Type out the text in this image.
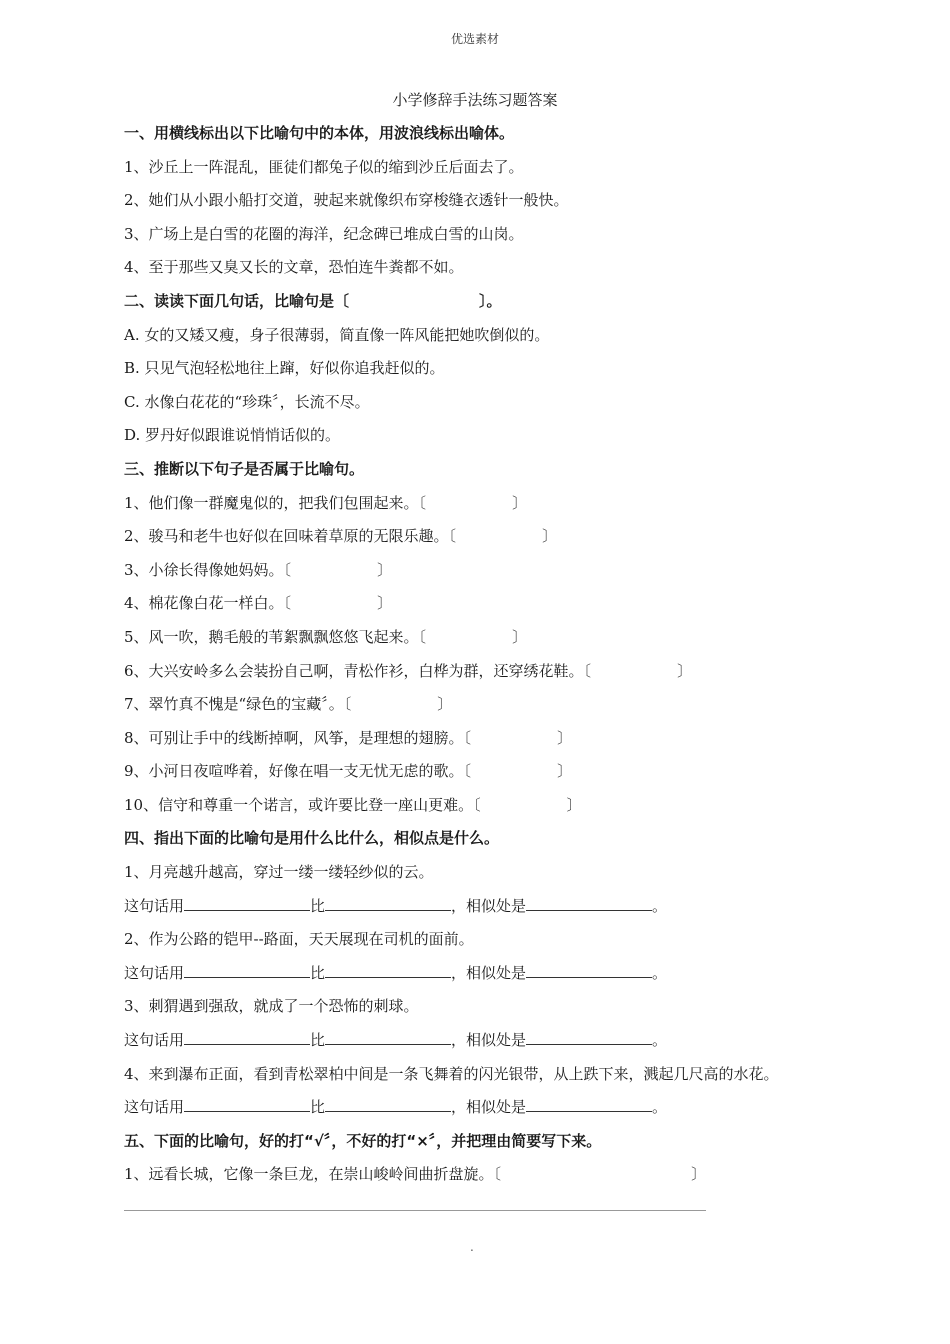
优选素材
小学修辞手法练习题答案
一、用横线标出以下比喻句中的本体，用波浪线标出喻体。
1、沙丘上一阵混乱，匪徒们都兔子似的缩到沙丘后面去了。
2、她们从小跟小船打交道，驶起来就像织布穿梭缝衣透针一般快。
3、广场上是白雪的花圈的海洋，纪念碑已堆成白雪的山岗。
4、至于那些又臭又长的文章，恐怕连牛粪都不如。
二、读读下面几句话，比喻句是〔	〕。
A. 女的又矮又瘦，身子很薄弱，简直像一阵风能把她吹倒似的。
B. 只见气泡轻松地往上蹿，好似你追我赶似的。
C. 水像白花花的“珍珠〞，长流不尽。
D. 罗丹好似跟谁说悄悄话似的。
三、推断以下句子是否属于比喻句。
1、他们像一群魔鬼似的，把我们包围起来。〔	〕
2、骏马和老牛也好似在回味着草原的无限乐趣。〔	〕
3、小徐长得像她妈妈。〔	〕
4、棉花像白花一样白。〔	〕
5、风一吹，鹅毛般的苇絮飘飘悠悠飞起来。〔	〕
6、大兴安岭多么会装扮自己啊，青松作衫，白桦为群，还穿绣花鞋。〔	〕
7、翠竹真不愧是“绿色的宝藏〞。〔	〕
8、可别让手中的线断掉啊，风筝，是理想的翅膀。〔	〕
9、小河日夜喧哗着，好像在唱一支无忧无虑的歌。〔	〕
10、信守和尊重一个诺言，或许要比登一座山更难。〔	〕
四、指出下面的比喻句是用什么比什么，相似点是什么。
1、月亮越升越高，穿过一缕一缕轻纱似的云。
这句话用	比	，相似处是	。
2、作为公路的铠甲--路面，天天展现在司机的面前。
这句话用	比	，相似处是	。
3、刺猬遇到强敌，就成了一个恐怖的刺球。
这句话用	比	，相似处是	。
4、来到瀑布正面，看到青松翠柏中间是一条飞舞着的闪光银带，从上跌下来，溅起几尺高的水花。
这句话用	比	，相似处是	。
五、下面的比喻句，好的打“√〞，不好的打“×〞，并把理由简要写下来。
1、远看长城，它像一条巨龙，在崇山峻岭间曲折盘旋。〔	〕
.
